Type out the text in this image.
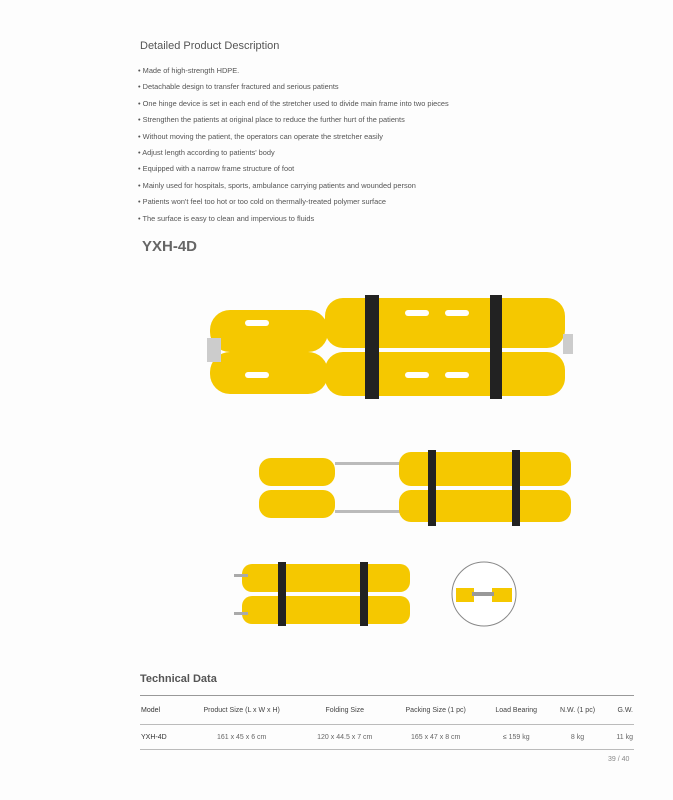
Detailed Product Description
• Made of high-strength HDPE.
• Detachable design to transfer fractured and serious patients
• One hinge device is set in each end of the stretcher used to divide main frame into two pieces
• Strengthen the patients at original place to reduce the further hurt of the patients
• Without moving the patient, the operators can operate the stretcher easily
• Adjust length according to patients' body
• Equipped with a narrow frame structure of foot
• Mainly used for hospitals, sports, ambulance carrying patients and wounded person
• Patients won't feel too hot or too cold on thermally-treated polymer surface
• The surface is easy to clean and impervious to fluids
YXH-4D
Technical Data
Model	Product Size (L x W x H)	Folding Size	Packing Size (1 pc)	Load Bearing	N.W. (1 pc)	G.W.
YXH-4D	161 x 45 x 6 cm	120 x 44.5 x 7 cm	165 x 47 x 8 cm	≤ 159 kg	8 kg	11 kg
39 / 40
